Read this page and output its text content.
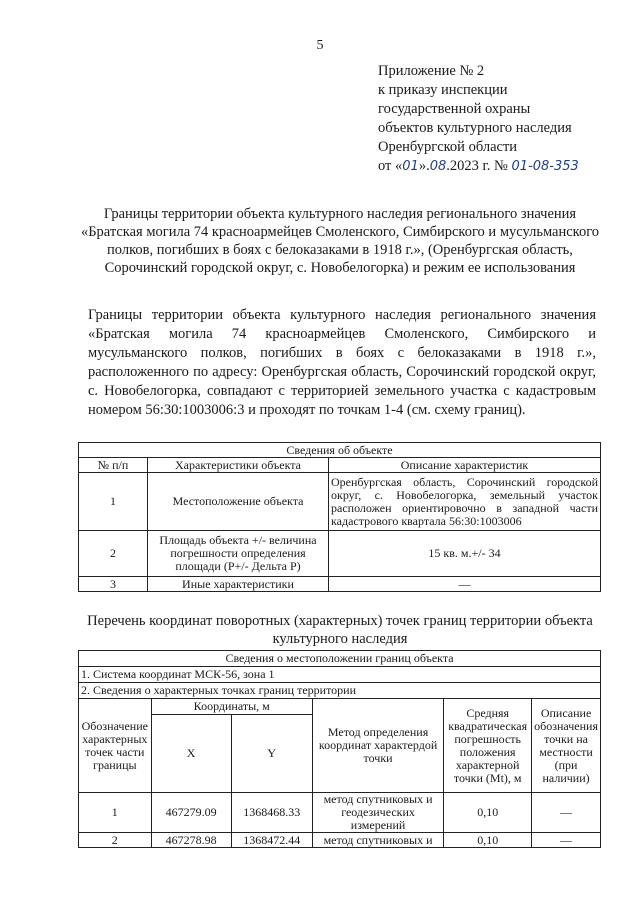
5
Приложение № 2
к приказу инспекции
государственной охраны
объектов культурного наследия
Оренбургской области
от «01».08.2023 г. № 01-08-353
Границы территории объекта культурного наследия регионального значения «Братская могила 74 красноармейцев Смоленского, Симбирского и мусульманского полков, погибших в боях с белоказаками в 1918 г.», (Оренбургская область, Сорочинский городской округ, с. Новобелогорка) и режим ее использования
Границы территории объекта культурного наследия регионального значения «Братская могила 74 красноармейцев Смоленского, Симбирского и мусульманского полков, погибших в боях с белоказаками в 1918 г.», расположенного по адресу: Оренбургская область, Сорочинский городской округ, с. Новобелогорка, совпадают с территорией земельного участка с кадастровым номером 56:30:1003006:3 и проходят по точкам 1-4 (см. схему границ).
Сведения об объекте		
№ п/п	Характеристики объекта	Описание характеристик
1	Местоположение объекта	Оренбургская область, Сорочинский городской округ, с. Новобелогорка, земельный участок расположен ориентировочно в западной части кадастрового квартала 56:30:1003006
2	Площадь объекта +/- величина погрешности определения площади (Р+/- Дельта Р)	15 кв. м.+/- 34
3	Иные характеристики	—
Перечень координат поворотных (характерных) точек границ территории объекта культурного наследия
Сведения о местоположении границ объекта					
1. Система координат МСК-56, зона 1					
2. Сведения о характерных точках границ территории					
Обозначение характерных точек части границы	Координаты, м		Метод определения координат характердой точки	Средняя квадратическая погрешность положения характерной точки (Mt), м	Описание обозначения точки на местности (при наличии)
	X	Y			
1	467279.09	1368468.33	метод спутниковых и геодезических измерений	0,10	—
2	467278.98	1368472.44	метод спутниковых и	0,10	—
